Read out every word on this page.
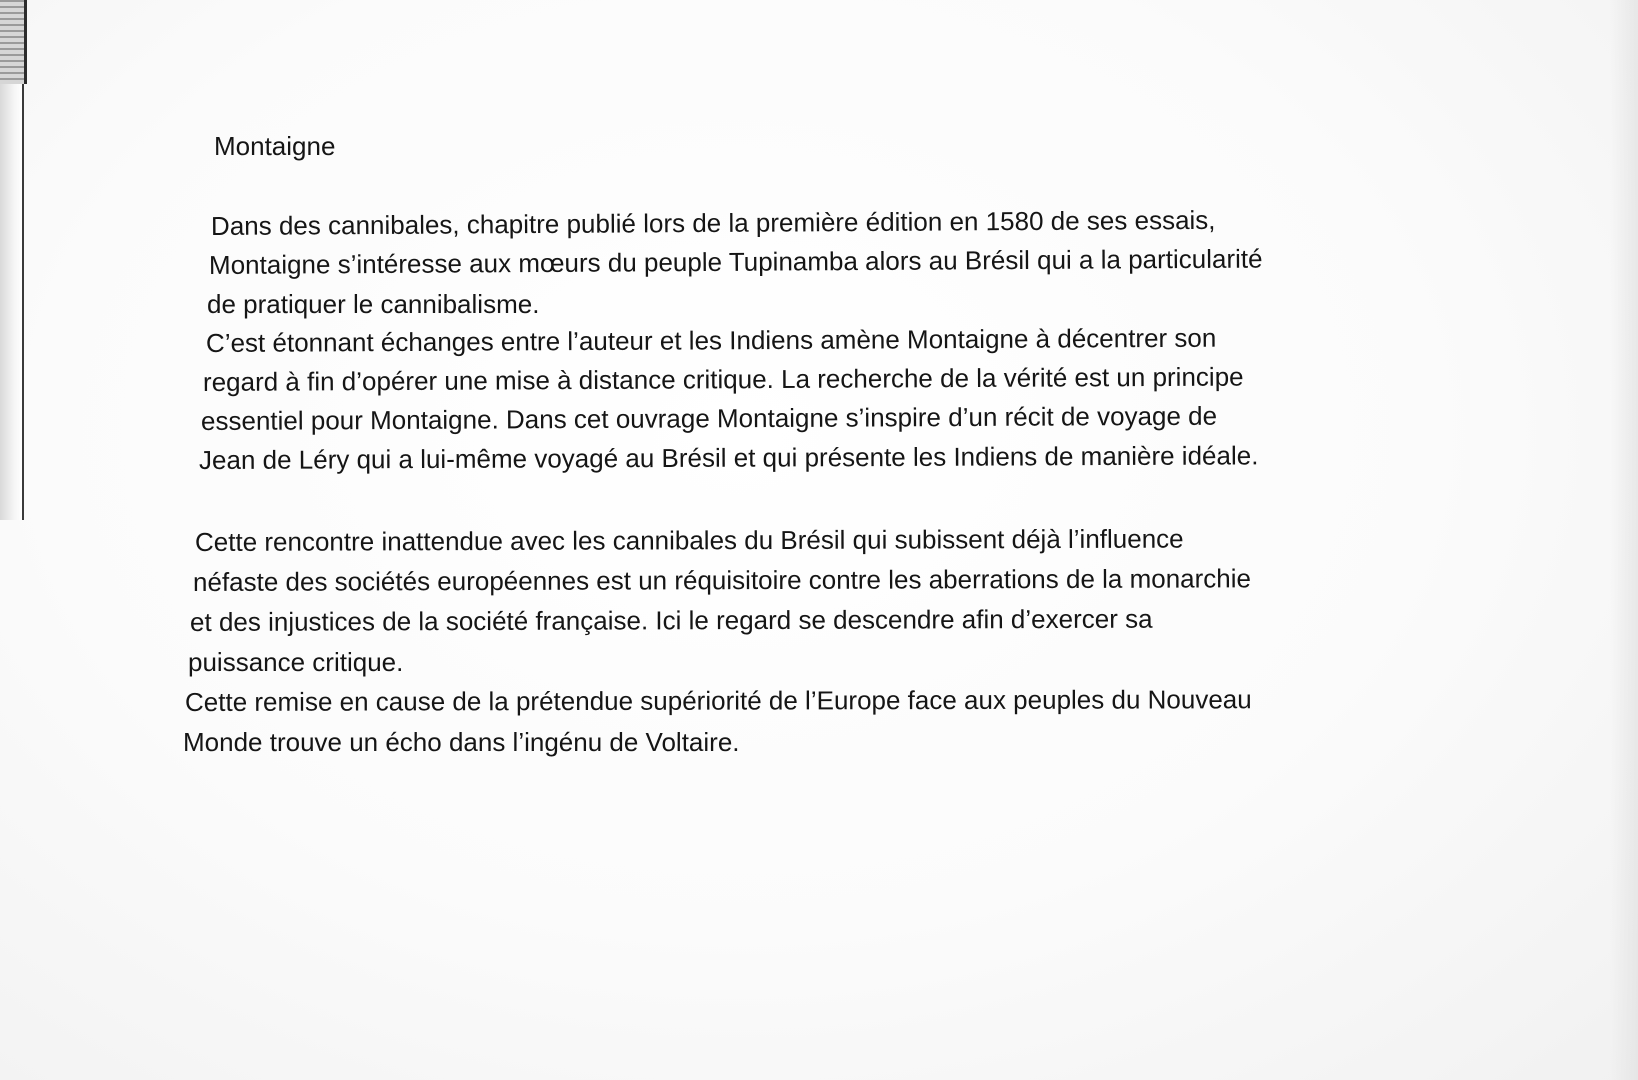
Montaigne
Dans des cannibales, chapitre publié lors de la première édition en 1580 de ses essais,
Montaigne s’intéresse aux mœurs du peuple Tupinamba alors au Brésil qui a la particularité
de pratiquer le cannibalisme.
C’est étonnant échanges entre l’auteur et les Indiens amène Montaigne à décentrer son
regard à fin d’opérer une mise à distance critique. La recherche de la vérité est un principe
essentiel pour Montaigne. Dans cet ouvrage Montaigne s’inspire d’un récit de voyage de
Jean de Léry qui a lui-même voyagé au Brésil et qui présente les Indiens de manière idéale.
Cette rencontre inattendue avec les cannibales du Brésil qui subissent déjà l’influence
néfaste des sociétés européennes est un réquisitoire contre les aberrations de la monarchie
et des injustices de la société française. Ici le regard se descendre afin d’exercer sa
puissance critique.
Cette remise en cause de la prétendue supériorité de l’Europe face aux peuples du Nouveau
Monde trouve un écho dans l’ingénu de Voltaire.
